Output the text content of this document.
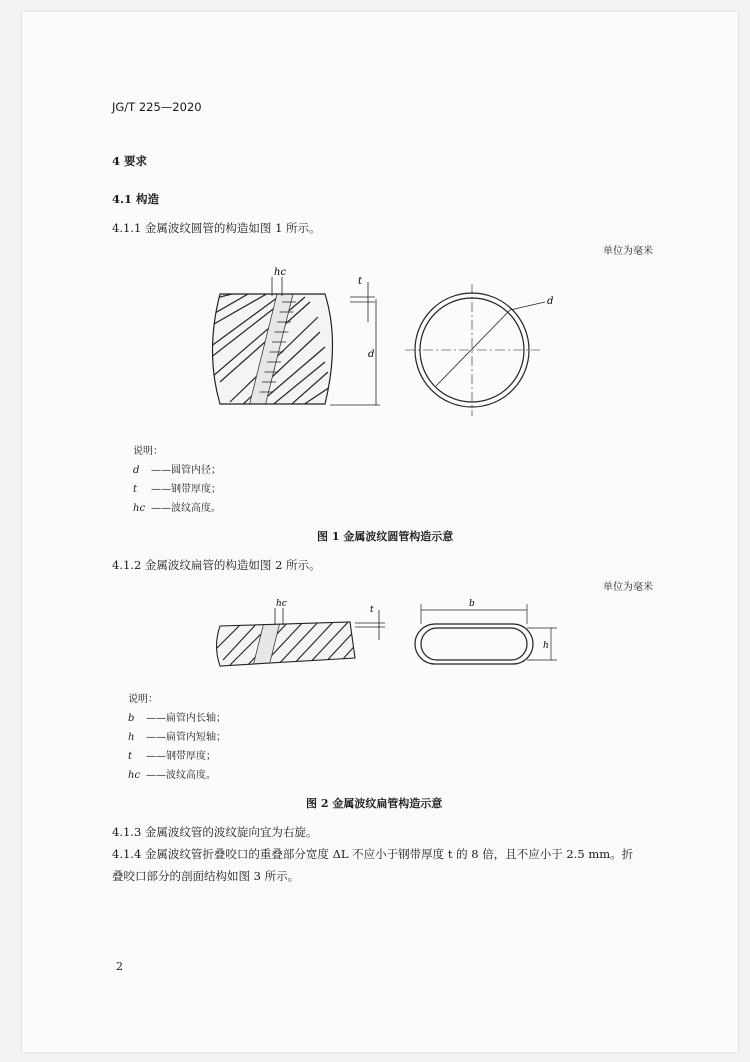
JG/T 225—2020
4 要求
4.1 构造
4.1.1 金属波纹圆管的构造如图 1 所示。
单位为毫米
hc
t
d
d
说明：
d ——圆管内径；
t ——钢带厚度；
hc ——波纹高度。
图 1 金属波纹圆管构造示意
4.1.2 金属波纹扁管的构造如图 2 所示。
单位为毫米
hc
t
b
h
说明：
b ——扁管内长轴；
h ——扁管内短轴；
t ——钢带厚度；
hc ——波纹高度。
图 2 金属波纹扁管构造示意
4.1.3 金属波纹管的波纹旋向宜为右旋。
4.1.4 金属波纹管折叠咬口的重叠部分宽度 ΔL 不应小于钢带厚度 t 的 8 倍，且不应小于 2.5 mm。折
叠咬口部分的剖面结构如图 3 所示。
2
